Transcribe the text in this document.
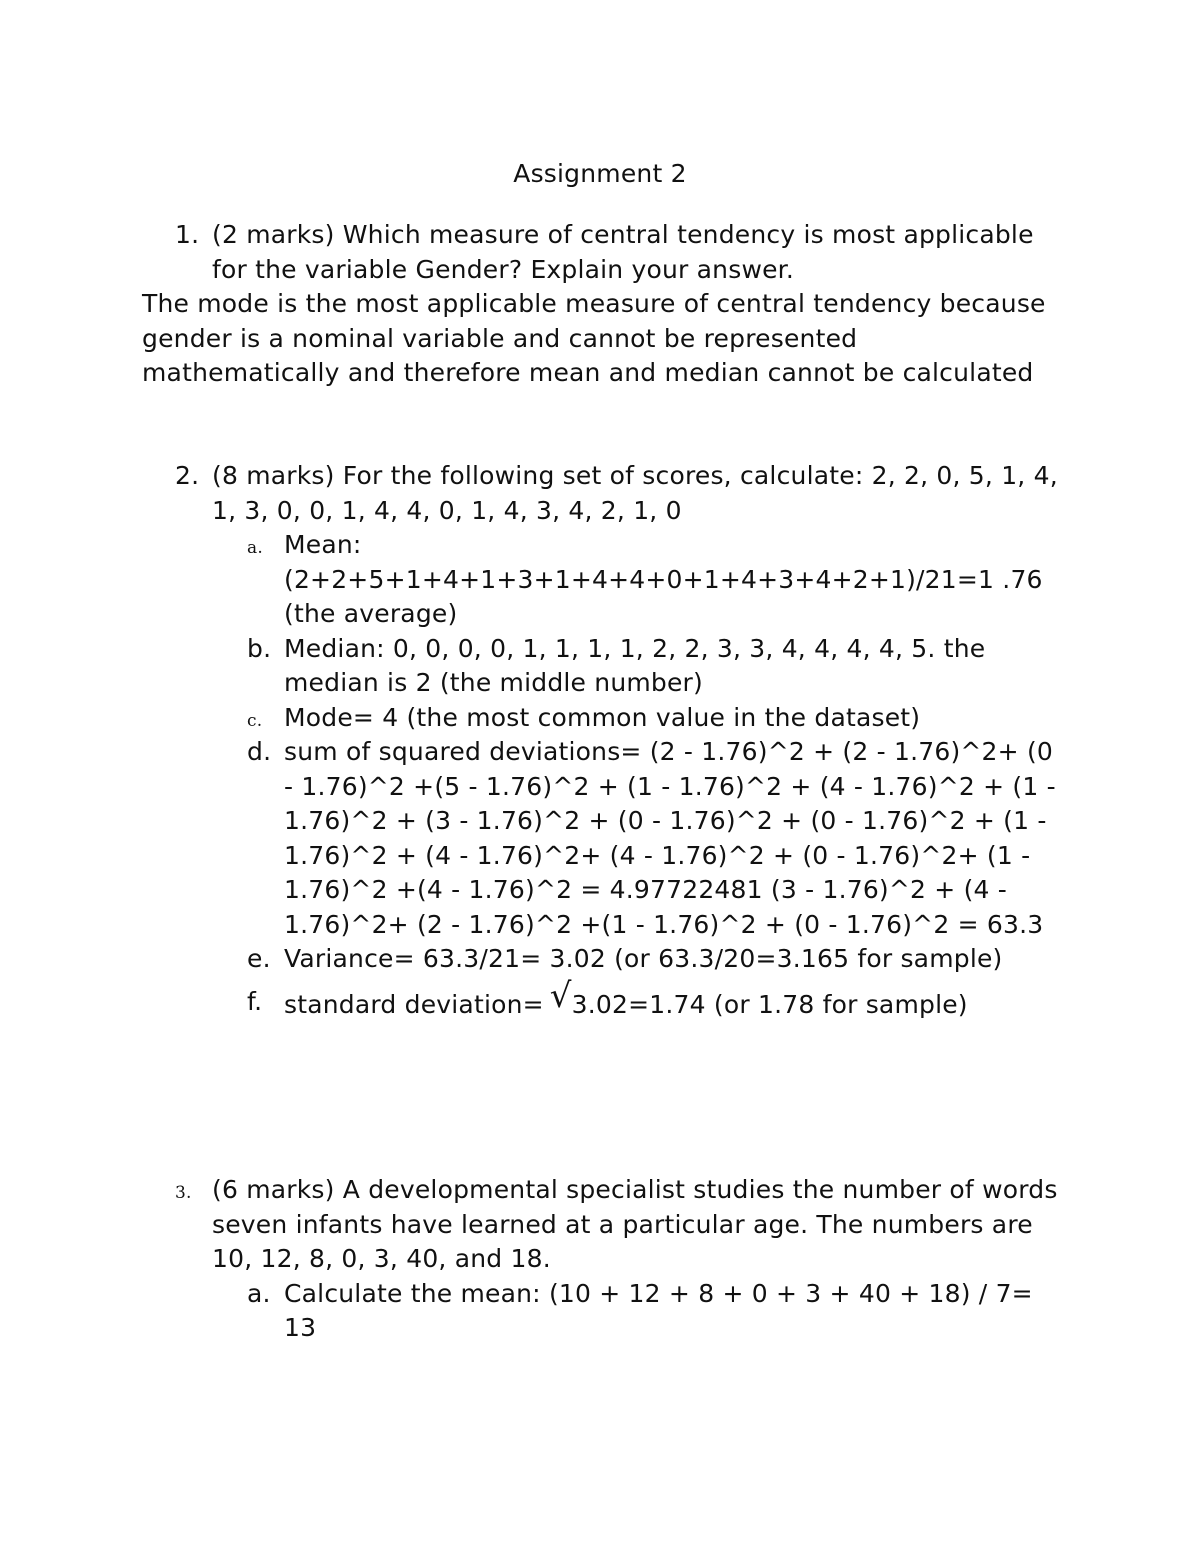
Assignment 2
1. (2 marks) Which measure of central tendency is most applicable for the variable Gender? Explain your answer.
The mode is the most applicable measure of central tendency because gender is a nominal variable and cannot be represented mathematically and therefore mean and median cannot be calculated
2. (8 marks) For the following set of scores, calculate: 2, 2, 0, 5, 1, 4, 1, 3, 0, 0, 1, 4, 4, 0, 1, 4, 3, 4, 2, 1, 0
a. Mean: (2+2+5+1+4+1+3+1+4+4+0+1+4+3+4+2+1)/21=1 .76 (the average)
b. Median: 0, 0, 0, 0, 1, 1, 1, 1, 2, 2, 3, 3, 4, 4, 4, 4, 5. the median is 2 (the middle number)
c. Mode= 4 (the most common value in the dataset)
d. sum of squared deviations= (2 - 1.76)^2 + (2 - 1.76)^2+ (0 - 1.76)^2 +(5 - 1.76)^2 + (1 - 1.76)^2 + (4 - 1.76)^2 + (1 - 1.76)^2 + (3 - 1.76)^2 + (0 - 1.76)^2 + (0 - 1.76)^2 + (1 - 1.76)^2 + (4 - 1.76)^2+ (4 - 1.76)^2 + (0 - 1.76)^2+ (1 - 1.76)^2 +(4 - 1.76)^2 = 4.97722481 (3 - 1.76)^2 + (4 - 1.76)^2+ (2 - 1.76)^2 +(1 - 1.76)^2 + (0 - 1.76)^2 = 63.3
e. Variance= 63.3/21= 3.02 (or 63.3/20=3.165 for sample)
f. standard deviation= √3.02=1.74 (or 1.78 for sample)
3. (6 marks) A developmental specialist studies the number of words seven infants have learned at a particular age. The numbers are 10, 12, 8, 0, 3, 40, and 18.
a. Calculate the mean: (10 + 12 + 8 + 0 + 3 + 40 + 18) / 7= 13
